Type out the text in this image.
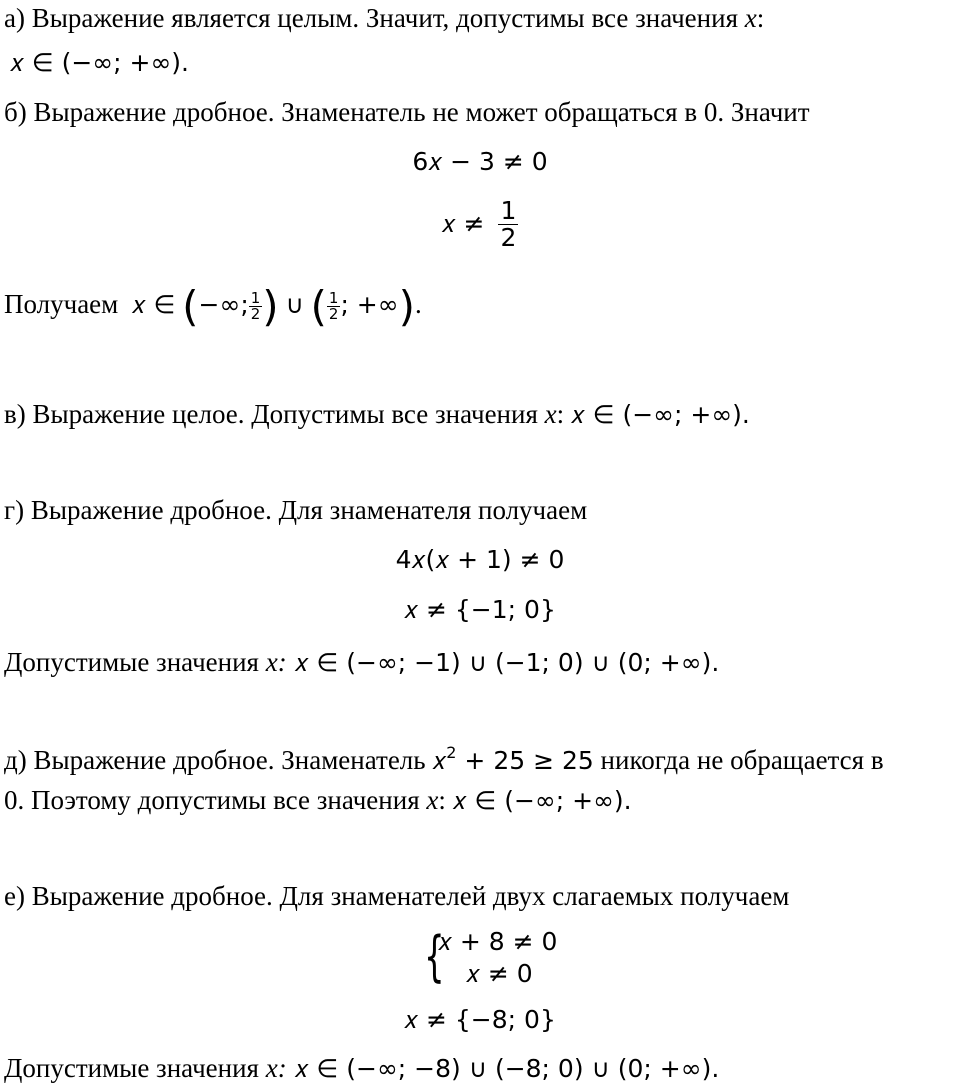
а) Выражение является целым. Значит, допустимы все значения x:
𝑥 ∈ (−∞; +∞).
б) Выражение дробное. Знаменатель не может обращаться в 0. Значит
6𝑥 − 3 ≠ 0
𝑥 ≠ $\frac{1}{2}$
Получаем 𝑥 ∈ (−∞; $\frac{1}{2}$ ) ∪ ( $\frac{1}{2}$ ; +∞).
в) Выражение целое. Допустимы все значения x: 𝑥 ∈ (−∞; +∞).
г) Выражение дробное. Для знаменателя получаем
4𝑥(𝑥 + 1) ≠ 0
𝑥 ≠ {−1; 0}
Допустимые значения x: 𝑥 ∈ (−∞; −1) ∪ (−1; 0) ∪ (0; +∞).
д) Выражение дробное. Знаменатель 𝑥$^2$ + 25 ≥ 25 никогда не обращается в
0. Поэтому допустимы все значения x: 𝑥 ∈ (−∞; +∞).
е) Выражение дробное. Для знаменателей двух слагаемых получаем
{
𝑥 + 8 ≠ 0
𝑥 ≠ 0
𝑥 ≠ {−8; 0}
Допустимые значения x: 𝑥 ∈ (−∞; −8) ∪ (−8; 0) ∪ (0; +∞).
